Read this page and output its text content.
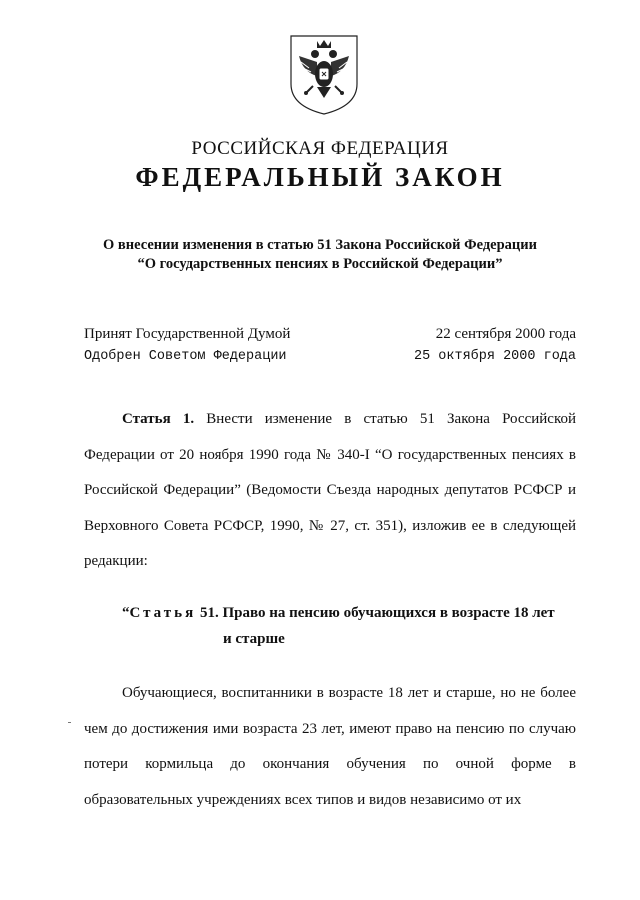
РОССИЙСКАЯ ФЕДЕРАЦИЯ
ФЕДЕРАЛЬНЫЙ ЗАКОН
О внесении изменения в статью 51 Закона Российской Федерации
“О государственных пенсиях в Российской Федерации”
Принят Государственной Думой	22 сентября 2000 года
Одобрен Советом Федерации	25 октября 2000 года
Статья 1. Внести изменение в статью 51 Закона Российской Федерации от 20 ноября 1990 года № 340-I “О государственных пенсиях в Российской Федерации” (Ведомости Съезда народных депутатов РСФСР и Верховного Совета РСФСР, 1990, № 27, ст. 351), изложив ее в следующей редакции:
“Статья 51. Право на пенсию обучающихся в возрасте 18 лет
и старше
Обучающиеся, воспитанники в возрасте 18 лет и старше, но не более чем до достижения ими возраста 23 лет, имеют право на пенсию по случаю потери кормильца до окончания обучения по очной форме в образовательных учреждениях всех типов и видов независимо от их
